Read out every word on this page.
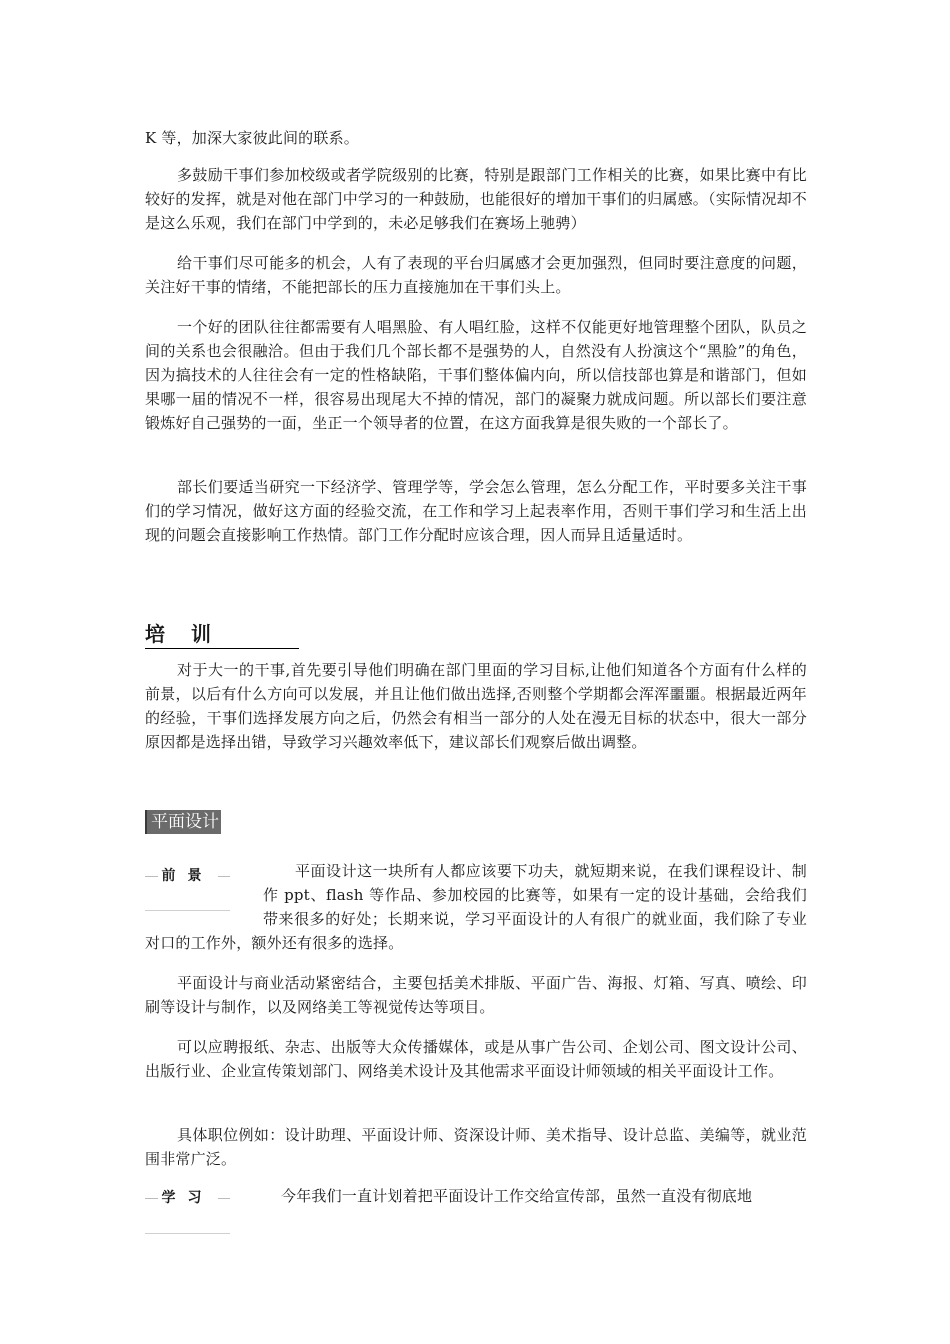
K 等，加深大家彼此间的联系。

多鼓励干事们参加校级或者学院级别的比赛，特别是跟部门工作相关的比赛，如果比赛中有比较好的发挥，就是对他在部门中学习的一种鼓励，也能很好的增加干事们的归属感。（实际情况却不是这么乐观，我们在部门中学到的，未必足够我们在赛场上驰骋）

给干事们尽可能多的机会，人有了表现的平台归属感才会更加强烈，但同时要注意度的问题，关注好干事的情绪，不能把部长的压力直接施加在干事们头上。

一个好的团队往往都需要有人唱黑脸、有人唱红脸，这样不仅能更好地管理整个团队，队员之间的关系也会很融洽。但由于我们几个部长都不是强势的人，自然没有人扮演这个“黑脸”的角色，因为搞技术的人往往会有一定的性格缺陷，干事们整体偏内向，所以信技部也算是和谐部门，但如果哪一届的情况不一样，很容易出现尾大不掉的情况，部门的凝聚力就成问题。所以部长们要注意锻炼好自己强势的一面，坐正一个领导者的位置，在这方面我算是很失败的一个部长了。

部长们要适当研究一下经济学、管理学等，学会怎么管理，怎么分配工作，平时要多关注干事们的学习情况，做好这方面的经验交流，在工作和学习上起表率作用，否则干事们学习和生活上出现的问题会直接影响工作热情。部门工作分配时应该合理，因人而异且适量适时。

培训

对于大一的干事,首先要引导他们明确在部门里面的学习目标,让他们知道各个方面有什么样的前景，以后有什么方向可以发展，并且让他们做出选择,否则整个学期都会浑浑噩噩。根据最近两年的经验，干事们选择发展方向之后，仍然会有相当一部分的人处在漫无目标的状态中，很大一部分原因都是选择出错，导致学习兴趣效率低下，建议部长们观察后做出调整。

平面设计
前景	平面设计这一块所有人都应该要下功夫，就短期来说，在我们课程设计、制作 ppt、flash 等作品、参加校园的比赛等，如果有一定的设计基础，会给我们带来很多的好处；长期来说，学习平面设计的人有很广的就业面，我们除了专业对口的工作外，额外还有很多的选择。

平面设计与商业活动紧密结合，主要包括美术排版、平面广告、海报、灯箱、写真、喷绘、印刷等设计与制作，以及网络美工等视觉传达等项目。

可以应聘报纸、杂志、出版等大众传播媒体，或是从事广告公司、企划公司、图文设计公司、出版行业、企业宣传策划部门、网络美术设计及其他需求平面设计师领域的相关平面设计工作。

具体职位例如：设计助理、平面设计师、资深设计师、美术指导、设计总监、美编等，就业范围非常广泛。

学习	今年我们一直计划着把平面设计工作交给宣传部，虽然一直没有彻底地
